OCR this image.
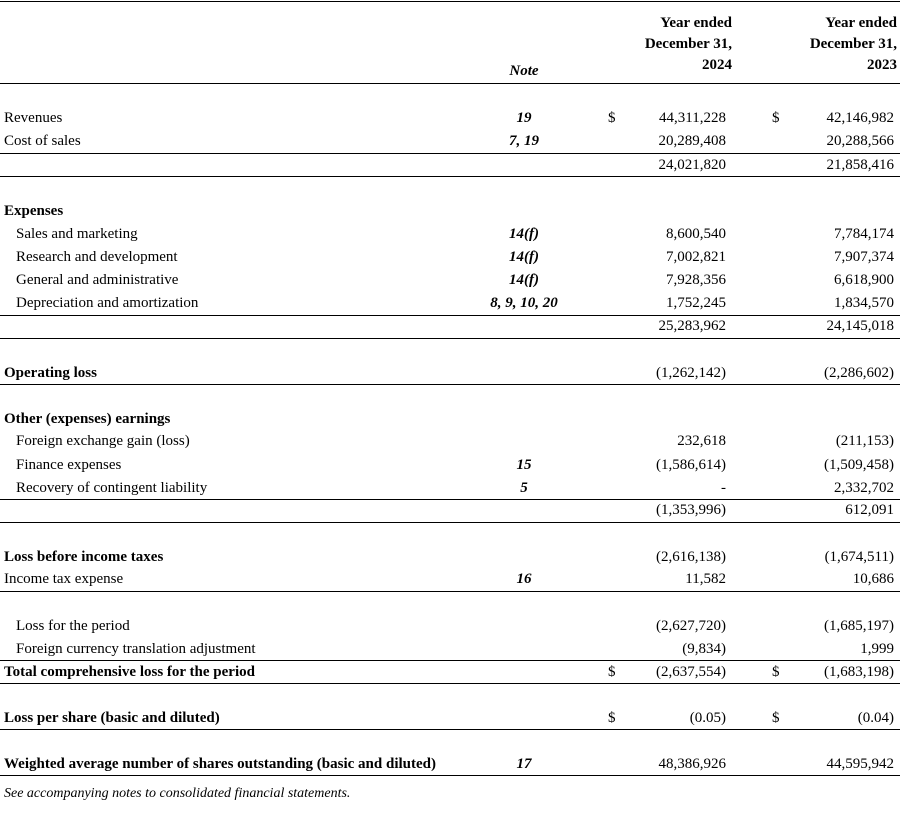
Note
Year ended
December 31,
2024
Year ended
December 31,
2023
Revenues	19	$	44,311,228	$	42,146,982
Cost of sales	7, 19	20,289,408	20,288,566
24,021,820	21,858,416
Expenses
Sales and marketing	14(f)	8,600,540	7,784,174
Research and development	14(f)	7,002,821	7,907,374
General and administrative	14(f)	7,928,356	6,618,900
Depreciation and amortization	8, 9, 10, 20	1,752,245	1,834,570
25,283,962	24,145,018
Operating loss	(1,262,142)	(2,286,602)
Other (expenses) earnings
Foreign exchange gain (loss)	232,618	(211,153)
Finance expenses	15	(1,586,614)	(1,509,458)
Recovery of contingent liability	5	-	2,332,702
(1,353,996)	612,091
Loss before income taxes	(2,616,138)	(1,674,511)
Income tax expense	16	11,582	10,686
Loss for the period	(2,627,720)	(1,685,197)
Foreign currency translation adjustment	(9,834)	1,999
Total comprehensive loss for the period	$	(2,637,554)	$	(1,683,198)
Loss per share (basic and diluted)	$	(0.05)	$	(0.04)
Weighted average number of shares outstanding (basic and diluted)	17	48,386,926	44,595,942
See accompanying notes to consolidated financial statements.
